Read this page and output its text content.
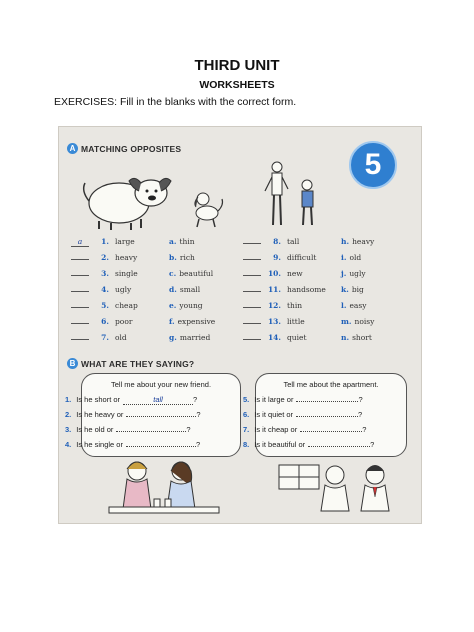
THIRD UNIT
WORKSHEETS
EXERCISES: Fill in the blanks with the correct form.
A MATCHING OPPOSITES	5
B WHAT ARE THEY SAYING?
Tell me about your new friend.	Tell me about the apartment.
a	1. large	a. thin
2. heavy	b. rich
3. single	c. beautiful
4. ugly	d. small
5. cheap	e. young
6. poor	f. expensive
7. old	g. married
8. tall	h. heavy
9. difficult	i. old
10. new	j. ugly
11. handsome k. big
12. thin	l. easy
13. little	m. noisy
14. quiet	n. short
1. Is he short or	tall	?
2. Is he heavy or	?
3. Is he old or	?
4. Is he single or	?
5. Is it large or	?
6. Is it quiet or	?
7. Is it cheap or	?
8. Is it beautiful or	?
